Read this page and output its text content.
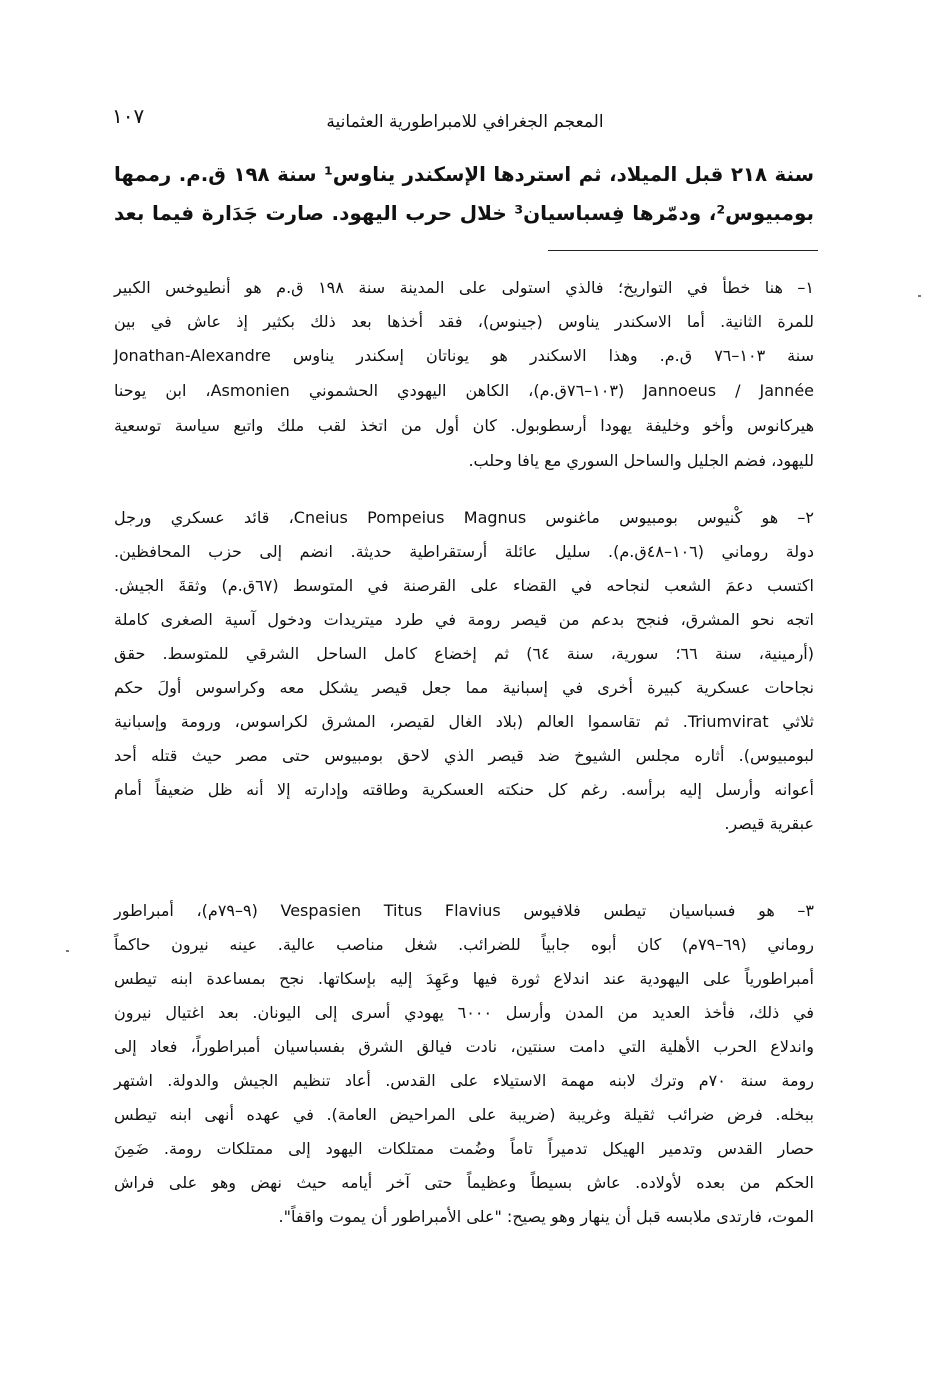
١٠٧	المعجم الجغرافي للامبراطورية العثمانية
سنة ٢١٨ قبل الميلاد، ثم استردها الإسكندر يناوس¹ سنة ١٩٨ ق.م. رممها
بومبيوس²، ودمّرها فِسباسيان³ خلال حرب اليهود. صارت جَدَارة فيما بعد
١– هنا خطأ في التواريخ؛ فالذي استولى على المدينة سنة ١٩٨ ق.م هو أنطيوخس الكبير
للمرة الثانية. أما الاسكندر يناوس (جينوس)، فقد أخذها بعد ذلك بكثير إذ عاش في بين
سنة ١٠٣–٧٦ ق.م. وهذا الاسكندر هو يوناتان إسكندر يناوس Jonathan-Alexandre
Jannoeus / Jannée (١٠٣–٧٦ق.م)، الكاهن اليهودي الحشموني Asmonien، ابن يوحنا
هيركانوس وأخو وخليفة يهودا أرسطوبول. كان أول من اتخذ لقب ملك واتبع سياسة توسعية
لليهود، فضم الجليل والساحل السوري مع يافا وحلب.
٢– هو كْنيوس بومبيوس ماغنوس Cneius Pompeius Magnus، قائد عسكري ورجل
دولة روماني (١٠٦–٤٨ق.م). سليل عائلة أرستقراطية حديثة. انضم إلى حزب المحافظين.
اكتسب دعمَ الشعب لنجاحه في القضاء على القرصنة في المتوسط (٦٧ق.م) وثقةَ الجيش.
اتجه نحو المشرق، فنجح بدعم من قيصر رومة في طرد ميتريدات ودخول آسية الصغرى كاملة
(أرمينية، سنة ٦٦؛ سورية، سنة ٦٤) ثم إخضاع كامل الساحل الشرقي للمتوسط. حقق
نجاحات عسكرية كبيرة أخرى في إسبانية مما جعل قيصر يشكل معه وكراسوس أولَ حكم
ثلاثي Triumvirat. ثم تقاسموا العالم (بلاد الغال لقيصر، المشرق لكراسوس، ورومة وإسبانية
لبومبيوس). أثاره مجلس الشيوخ ضد قيصر الذي لاحق بومبيوس حتى مصر حيث قتله أحد
أعوانه وأرسل إليه برأسه. رغم كل حنكته العسكرية وطاقته وإدارته إلا أنه ظل ضعيفاً أمام
عبقرية قيصر.
٣– هو فسباسيان تيطس فلافيوس Vespasien Titus Flavius (٩–٧٩م)، أمبراطور
روماني (٦٩–٧٩م) كان أبوه جابياً للضرائب. شغل مناصب عالية. عينه نيرون حاكماً
أمبراطورياً على اليهودية عند اندلاع ثورة فيها وعَهِدَ إليه بإسكاتها. نجح بمساعدة ابنه تيطس
في ذلك، فأخذ العديد من المدن وأرسل ٦٠٠٠ يهودي أسرى إلى اليونان. بعد اغتيال نيرون
واندلاع الحرب الأهلية التي دامت سنتين، نادت فيالق الشرق بفسباسيان أمبراطوراً، فعاد إلى
رومة سنة ٧٠م وترك لابنه مهمة الاستيلاء على القدس. أعاد تنظيم الجيش والدولة. اشتهر
ببخله. فرض ضرائب ثقيلة وغريبة (ضريبة على المراحيض العامة). في عهده أنهى ابنه تيطس
حصار القدس وتدمير الهيكل تدميراً تاماً وضُمت ممتلكات اليهود إلى ممتلكات رومة. ضَمِنَ
الحكم من بعده لأولاده. عاش بسيطاً وعظيماً حتى آخر أيامه حيث نهض وهو على فراش
الموت، فارتدى ملابسه قبل أن ينهار وهو يصيح: "على الأمبراطور أن يموت واقفاً".
